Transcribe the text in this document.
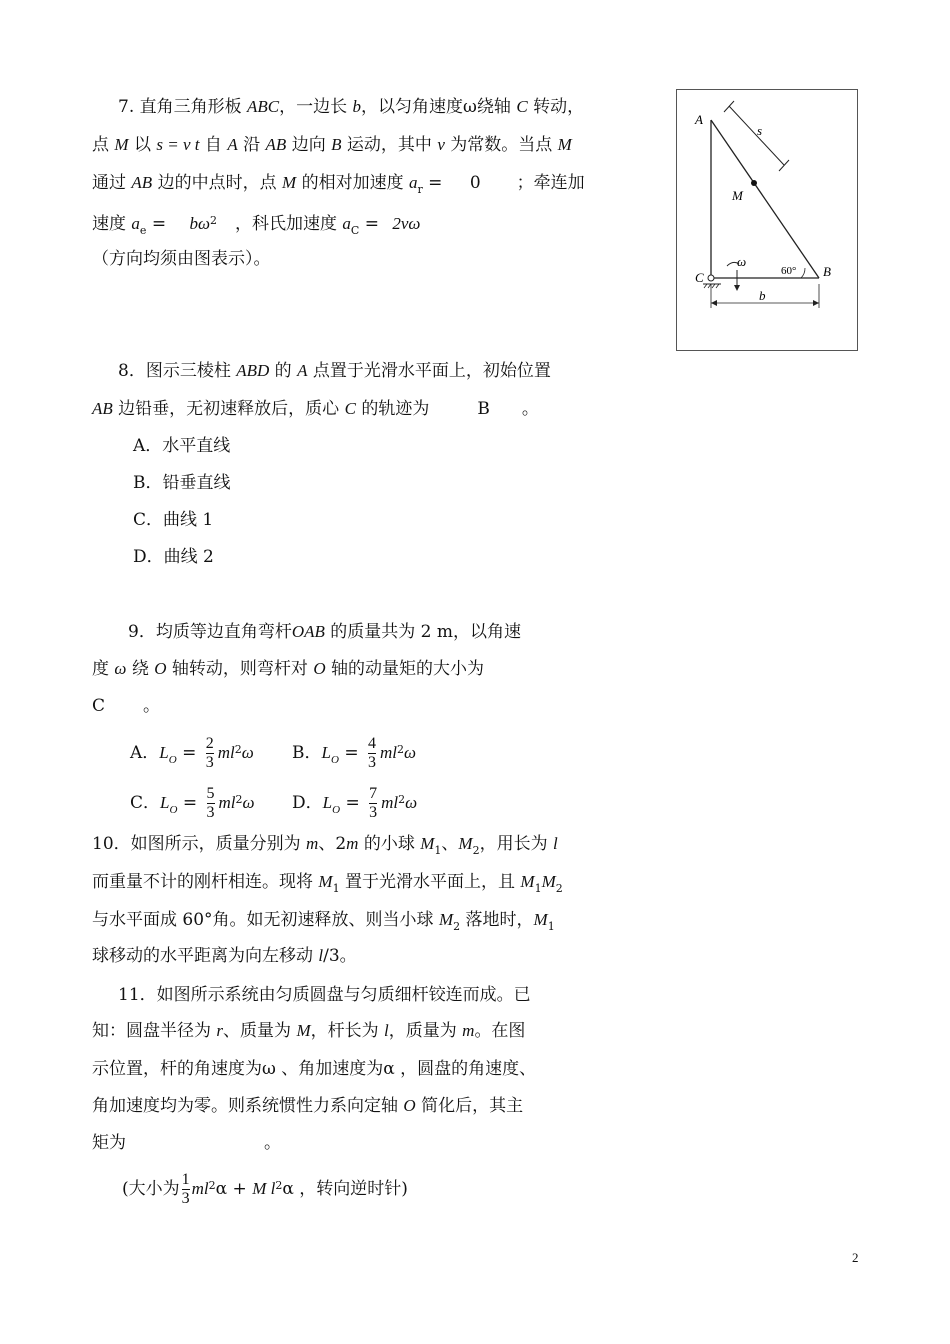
7. 直角三角形板 ABC，一边长 b，以匀角速度ω绕轴 C 转动，
点 M 以 s = v t 自 A 沿 AB 边向 B 运动，其中 v 为常数。当点 M
通过 AB 边的中点时，点 M 的相对加速度 $a_r = 0$ ；牵连加
速度 $a_e = b\omega^2$ ，科氏加速度 $a_C = 2v\omega$
（方向均须由图表示）。
A
s
M
C
ω
60° B
b
8．图示三棱柱 ABD 的 A 点置于光滑水平面上，初始位置
AB 边铅垂，无初速释放后，质心 C 的轨迹为	B 。
A．水平直线
B．铅垂直线
C．曲线 1
D．曲线 2
9．均质等边直角弯杆OAB 的质量共为 2 m，以角速
度 ω 绕 O 轴转动，则弯杆对 O 轴的动量矩的大小为
C 。
A．$L_O = \frac{2}{3} ml^2\omega$ B．$L_O = \frac{4}{3} ml^2\omega$
C．$L_O = \frac{5}{3} ml^2\omega$ D．$L_O = \frac{7}{3} ml^2\omega$
10．如图所示，质量分别为 m、2m 的小球 $M_1$、$M_2$，用长为 l
而重量不计的刚杆相连。现将 $M_1$ 置于光滑水平面上，且 $M_1M_2$
与水平面成 60°角。如无初速释放、则当小球 $M_2$ 落地时，$M_1$
球移动的水平距离为向左移动 l/3。
11．如图所示系统由匀质圆盘与匀质细杆铰连而成。已
知：圆盘半径为 r、质量为 M，杆长为 l，质量为 m。在图
示位置，杆的角速度为ω 、角加速度为α ，圆盘的角速度、
角加速度均为零。则系统惯性力系向定轴 O 简化后，其主
矩为	。
(大小为 $\frac{1}{3} ml^2\alpha + M$ $l^2\alpha$ ，转向逆时针)
2
